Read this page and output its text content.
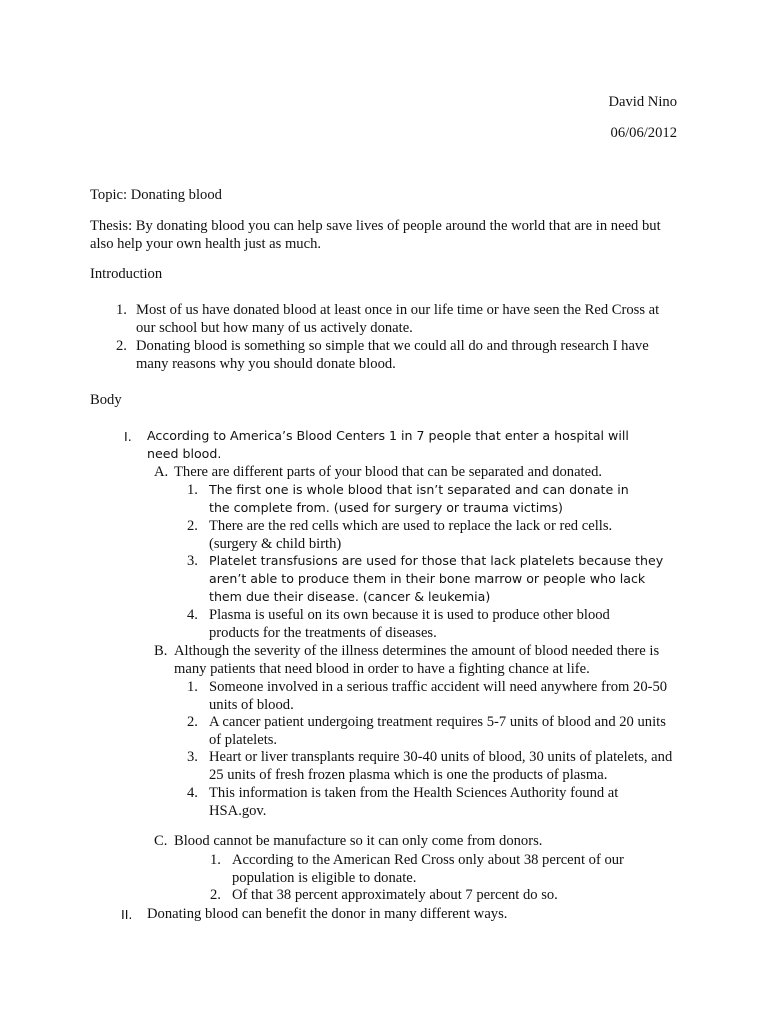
David Nino
06/06/2012
Topic: Donating blood
Thesis: By donating blood you can help save lives of people around the world that are in need but also help your own health just as much.
Introduction
1. Most of us have donated blood at least once in our life time or have seen the Red Cross at our school but how many of us actively donate.
2. Donating blood is something so simple that we could all do and through research I have many reasons why you should donate blood.
Body
I. According to America’s Blood Centers 1 in 7 people that enter a hospital will need blood.
A. There are different parts of your blood that can be separated and donated.
1. The first one is whole blood that isn’t separated and can donate in the complete from. (used for surgery or trauma victims)
2. There are the red cells which are used to replace the lack or red cells. (surgery & child birth)
3. Platelet transfusions are used for those that lack platelets because they aren’t able to produce them in their bone marrow or people who lack them due their disease. (cancer & leukemia)
4. Plasma is useful on its own because it is used to produce other blood products for the treatments of diseases.
B. Although the severity of the illness determines the amount of blood needed there is many patients that need blood in order to have a fighting chance at life.
1. Someone involved in a serious traffic accident will need anywhere from 20-50 units of blood.
2. A cancer patient undergoing treatment requires 5-7 units of blood and 20 units of platelets.
3. Heart or liver transplants require 30-40 units of blood, 30 units of platelets, and 25 units of fresh frozen plasma which is one the products of plasma.
4. This information is taken from the Health Sciences Authority found at HSA.gov.
C. Blood cannot be manufacture so it can only come from donors.
1. According to the American Red Cross only about 38 percent of our population is eligible to donate.
2. Of that 38 percent approximately about 7 percent do so.
II. Donating blood can benefit the donor in many different ways.
